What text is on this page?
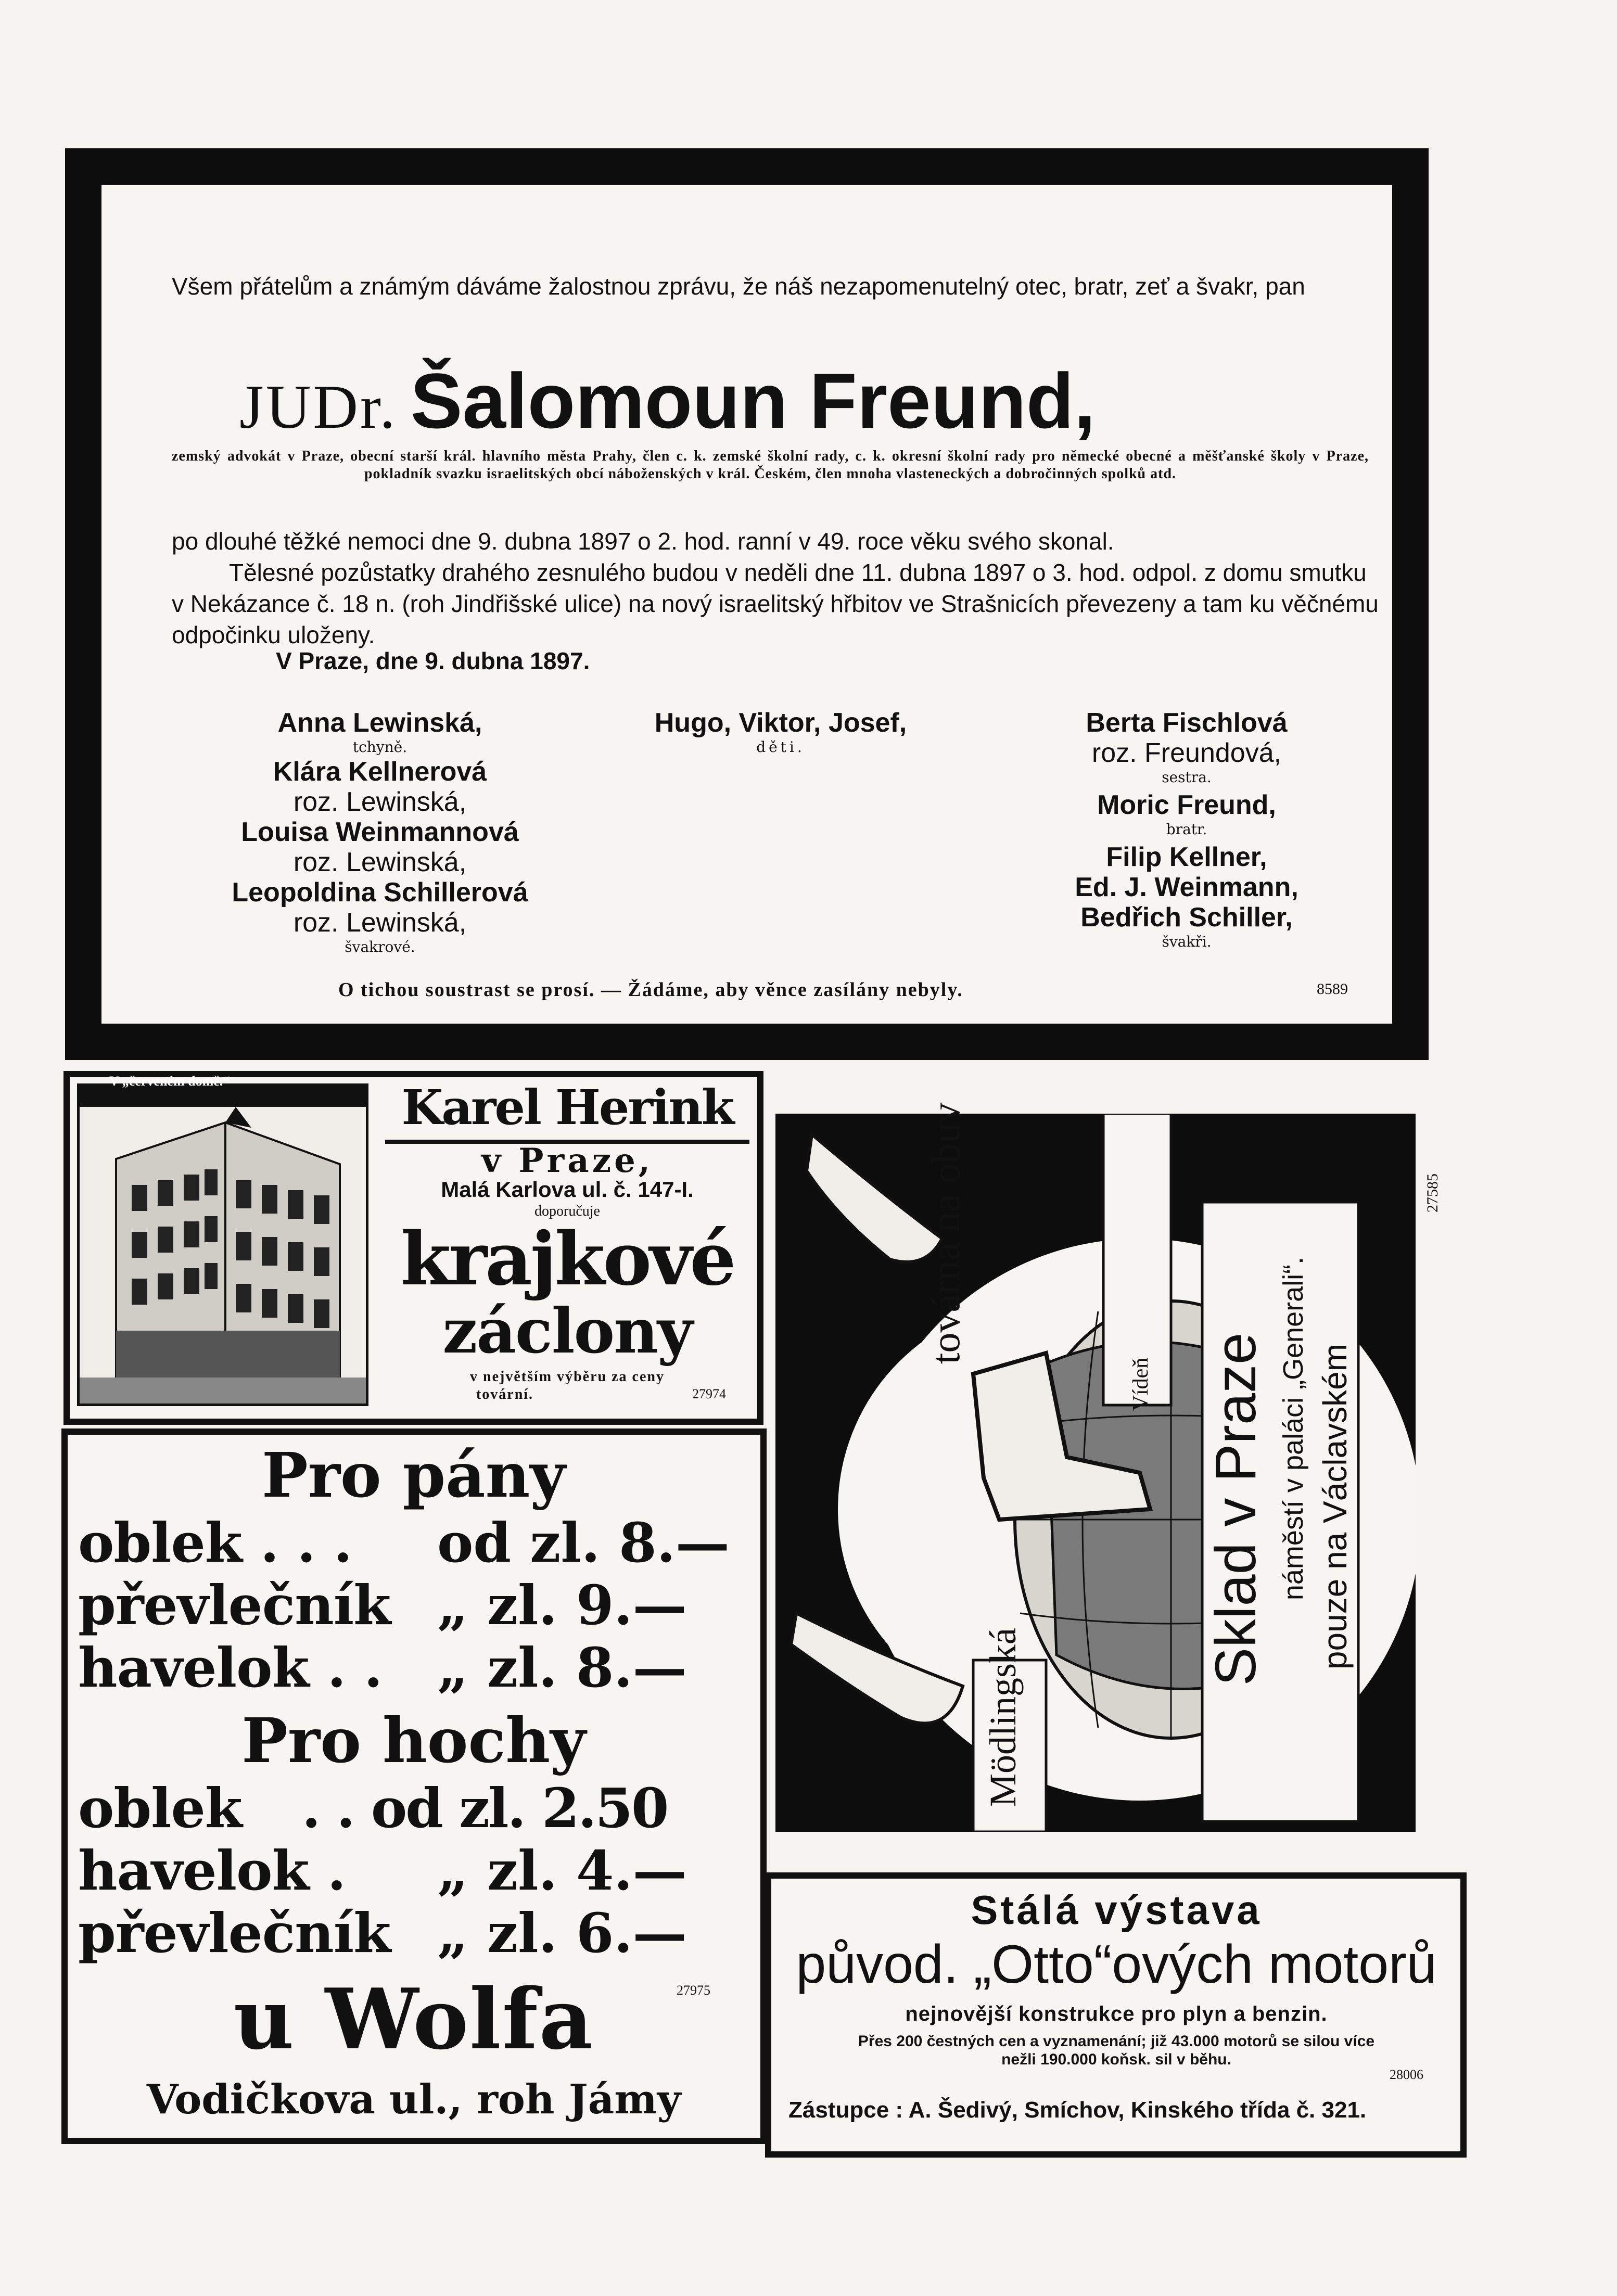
Všem přátelům a známým dáváme žalostnou zprávu, že náš nezapomenutelný otec, bratr, zeť a švakr, pan
JUDr. Šalomoun Freund,
zemský advokát v Praze, obecní starší král. hlavního města Prahy, člen c. k. zemské školní rady, c. k. okresní školní rady pro německé obecné a měšťanské školy v Praze, pokladník svazku israelitských obcí náboženských v král. Českém, člen mnoha vlasteneckých a dobročinných spolků atd.
po dlouhé těžké nemoci dne 9. dubna 1897 o 2. hod. ranní v 49. roce věku svého skonal.
Tělesné pozůstatky drahého zesnulého budou v neděli dne 11. dubna 1897 o 3. hod. odpol. z domu smutku v Nekázance č. 18 n. (roh Jindřišské ulice) na nový israelitský hřbitov ve Strašnicích převezeny a tam ku věčnému odpočinku uloženy.
V Praze, dne 9. dubna 1897.
Anna Lewinská,
tchyně.
Klára Kellnerová
roz. Lewinská,
Louisa Weinmannová
roz. Lewinská,
Leopoldina Schillerová
roz. Lewinská,
švakrové.
Hugo, Viktor, Josef,
děti.
Berta Fischlová
roz. Freundová,
sestra.
Moric Freund,
bratr.
Filip Kellner,
Ed. J. Weinmann,
Bedřich Schiller,
švakři.
O tichou soustrast se prosí. — Žádáme, aby věnce zasílány nebyly.	8589
V „červeném domě.“	Karel Herink
v Praze,
Malá Karlova ul. č. 147-I.
doporučuje
krajkové
záclony
v největším výběru za ceny
tovární.	27974
továrna na obuv
Vídeň
Mödlingská
Sklad v Praze náměstí v paláci „Generali“. pouze na Václavském
27585
Pro pány
oblek . . . od zl. 8.—
převlečník „ zl. 9.—
havelok . . „ zl. 8.—
Pro hochy
oblek . . od zl. 2.50
havelok . „ zl. 4.—
převlečník „ zl. 6.—
u Wolfa	27975
Vodičkova ul., roh Jámy
Stálá výstava
původ. „Otto“ových motorů
nejnovější konstrukce pro plyn a benzin.
Přes 200 čestných cen a vyznamenání; již 43.000 motorů se silou více
nežli 190.000 koňsk. sil v běhu.
28006
Zástupce : A. Šedivý, Smíchov, Kinského třída č. 321.
